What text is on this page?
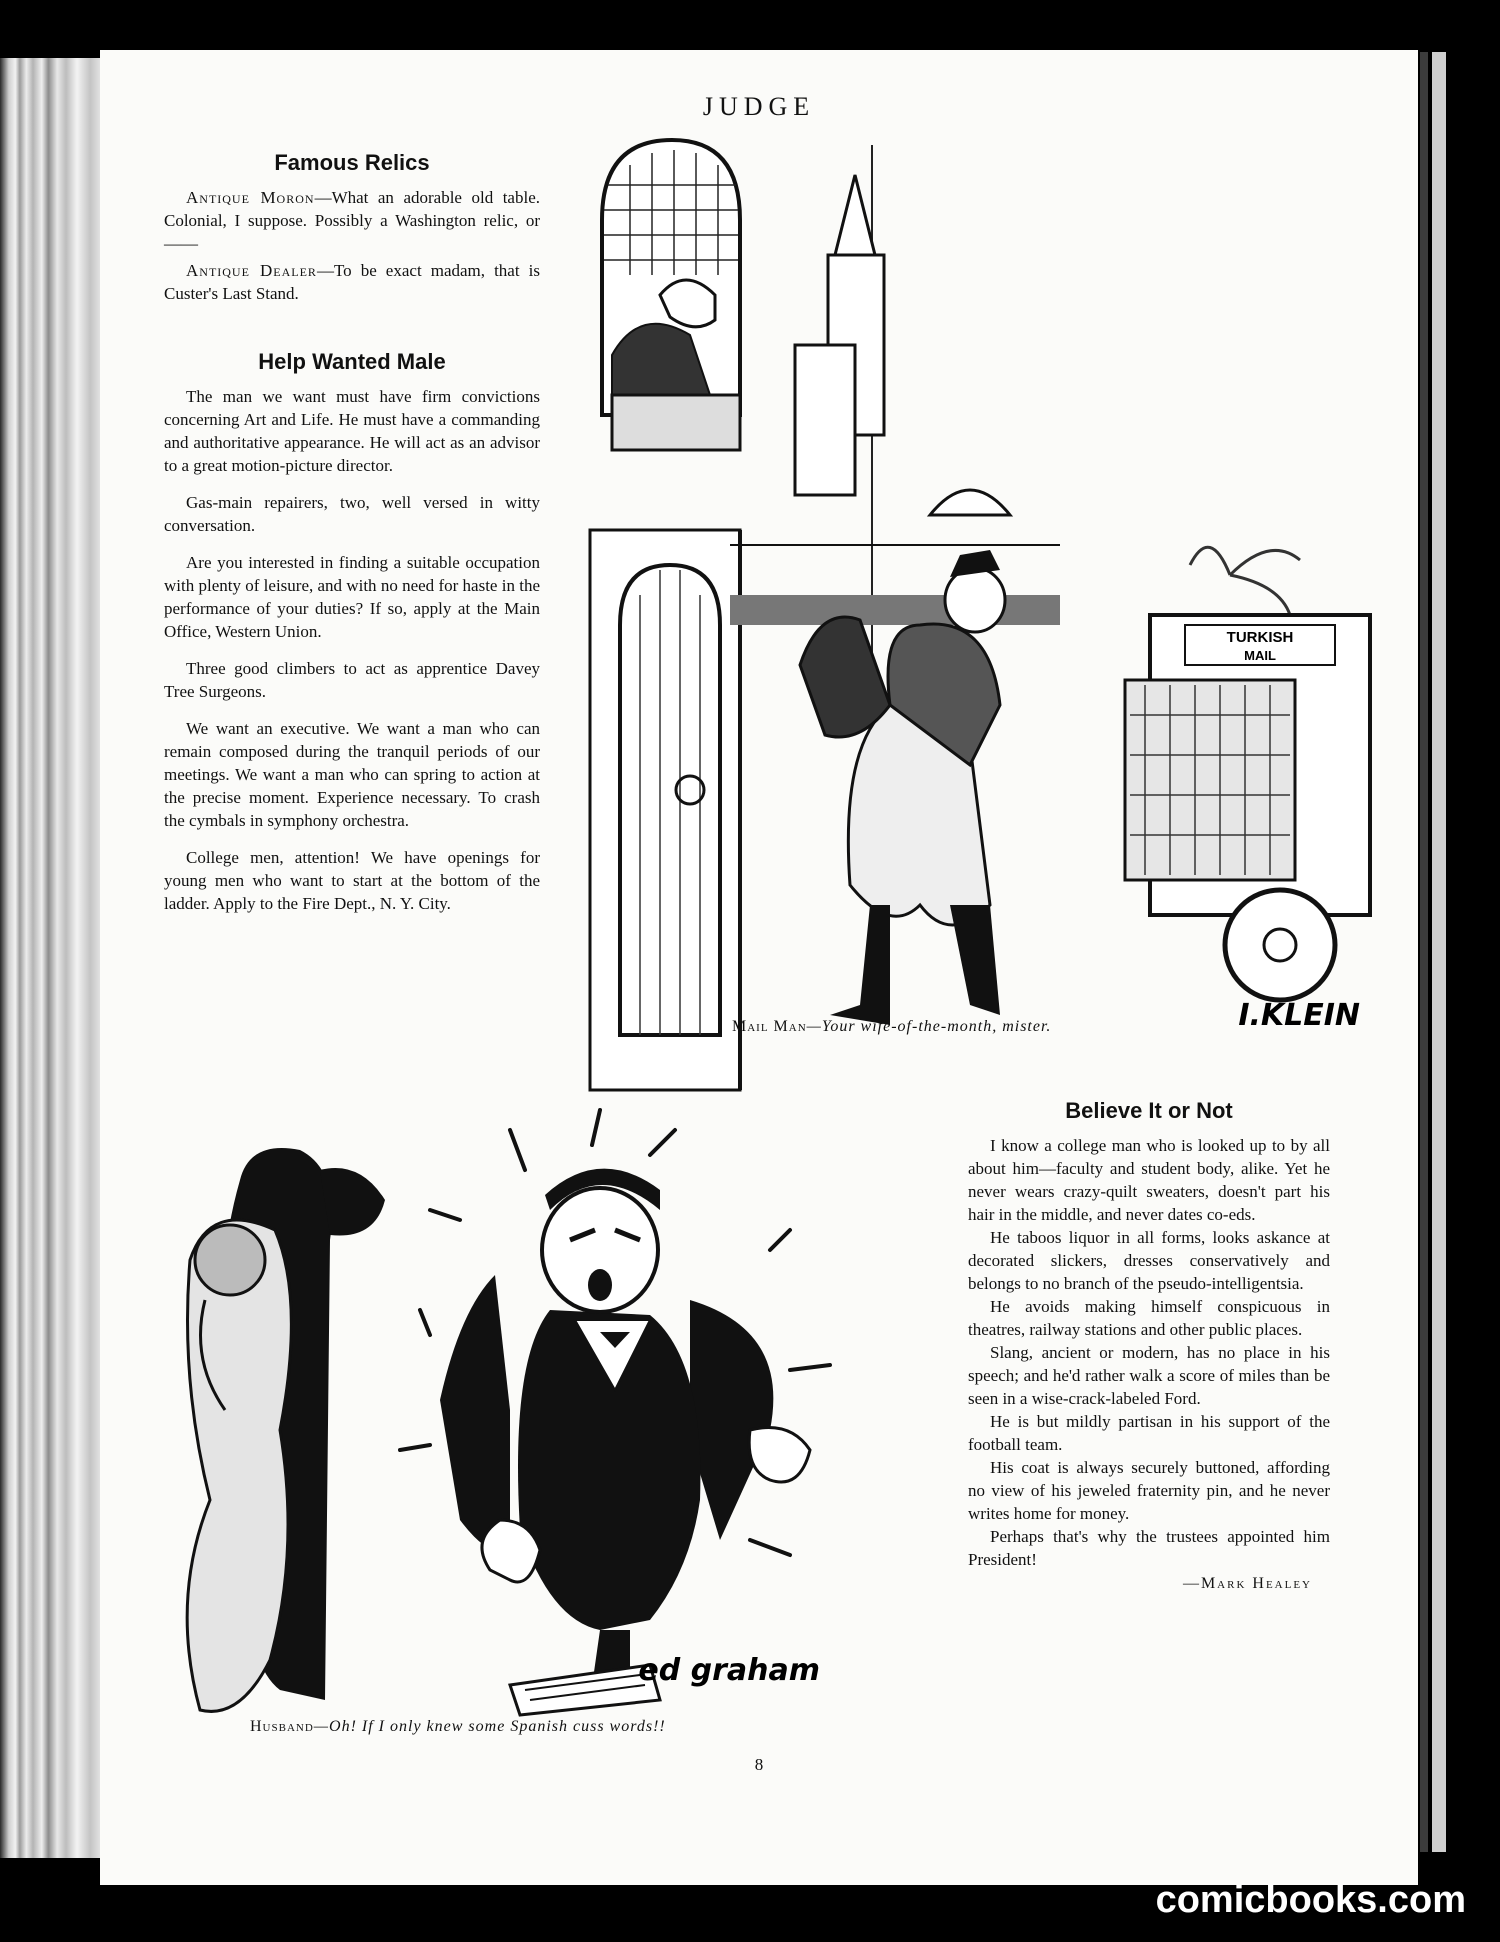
JUDGE
Famous Relics

Antique Moron—What an adorable old table. Colonial, I suppose. Possibly a Washington relic, or——

Antique Dealer—To be exact madam, that is Custer's Last Stand.

Help Wanted Male

The man we want must have firm convictions concerning Art and Life. He must have a commanding and authoritative appearance. He will act as an advisor to a great motion-picture director.

Gas-main repairers, two, well versed in witty conversation.

Are you interested in finding a suitable occupation with plenty of leisure, and with no need for haste in the performance of your duties? If so, apply at the Main Office, Western Union.

Three good climbers to act as apprentice Davey Tree Surgeons.

We want an executive. We want a man who can remain composed during the tranquil periods of our meetings. We want a man who can spring to action at the precise moment. Experience necessary. To crash the cymbals in symphony orchestra.

College men, attention! We have openings for young men who want to start at the bottom of the ladder. Apply to the Fire Dept., N. Y. City.

TURKISH
MAIL
I.KLEIN
Mail Man—Your wife-of-the-month, mister.
ed graham
Husband—Oh! If I only knew some Spanish cuss words!!
Believe It or Not

I know a college man who is looked up to by all about him—faculty and student body, alike. Yet he never wears crazy-quilt sweaters, doesn't part his hair in the middle, and never dates co-eds.

He taboos liquor in all forms, looks askance at decorated slickers, dresses conservatively and belongs to no branch of the pseudo-intelligentsia.

He avoids making himself conspicuous in theatres, railway stations and other public places.

Slang, ancient or modern, has no place in his speech; and he'd rather walk a score of miles than be seen in a wise-crack-labeled Ford.

He is but mildly partisan in his support of the football team.

His coat is always securely buttoned, affording no view of his jeweled fraternity pin, and he never writes home for money.

Perhaps that's why the trustees appointed him President!

—Mark Healey
8
comicbooks.com
